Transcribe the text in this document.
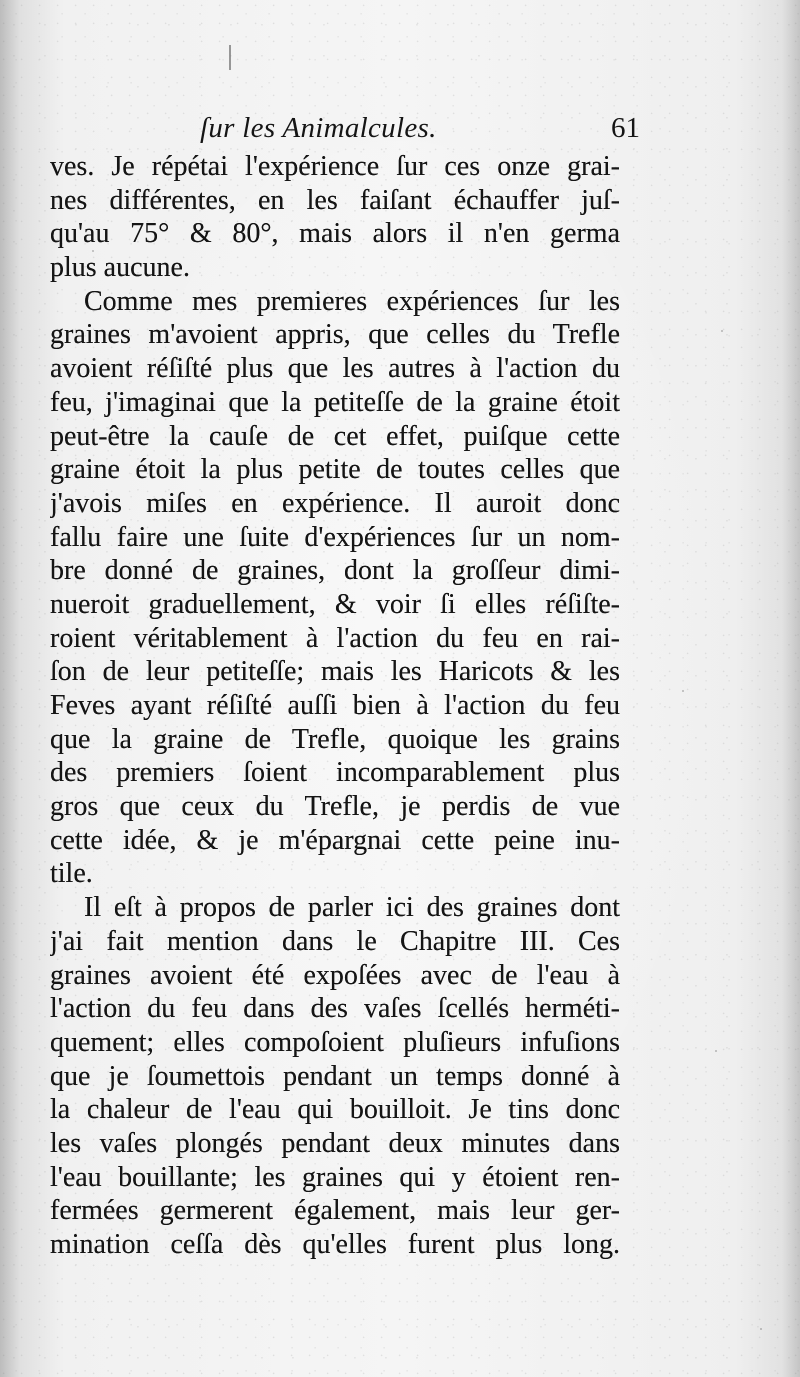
ſur les Animalcules.	61
ves. Je répétai l'expérience ſur ces onze grai-
nes différentes, en les faiſant échauffer juſ-
qu'au 75° & 80°, mais alors il n'en germa
plus aucune.
Comme mes premieres expériences ſur les
graines m'avoient appris, que celles du Trefle
avoient réſiſté plus que les autres à l'action du
feu, j'imaginai que la petiteſſe de la graine étoit
peut-être la cauſe de cet effet, puiſque cette
graine étoit la plus petite de toutes celles que
j'avois miſes en expérience. Il auroit donc
fallu faire une ſuite d'expériences ſur un nom-
bre donné de graines, dont la groſſeur dimi-
nueroit graduellement, & voir ſi elles réſiſte-
roient véritablement à l'action du feu en rai-
ſon de leur petiteſſe; mais les Haricots & les
Feves ayant réſiſté auſſi bien à l'action du feu
que la graine de Trefle, quoique les grains
des premiers ſoient incomparablement plus
gros que ceux du Trefle, je perdis de vue
cette idée, & je m'épargnai cette peine inu-
tile.
Il eſt à propos de parler ici des graines dont
j'ai fait mention dans le Chapitre III. Ces
graines avoient été expoſées avec de l'eau à
l'action du feu dans des vaſes ſcellés herméti-
quement; elles compoſoient pluſieurs infuſions
que je ſoumettois pendant un temps donné à
la chaleur de l'eau qui bouilloit. Je tins donc
les vaſes plongés pendant deux minutes dans
l'eau bouillante; les graines qui y étoient ren-
fermées germerent également, mais leur ger-
mination ceſſa dès qu'elles furent plus long.
